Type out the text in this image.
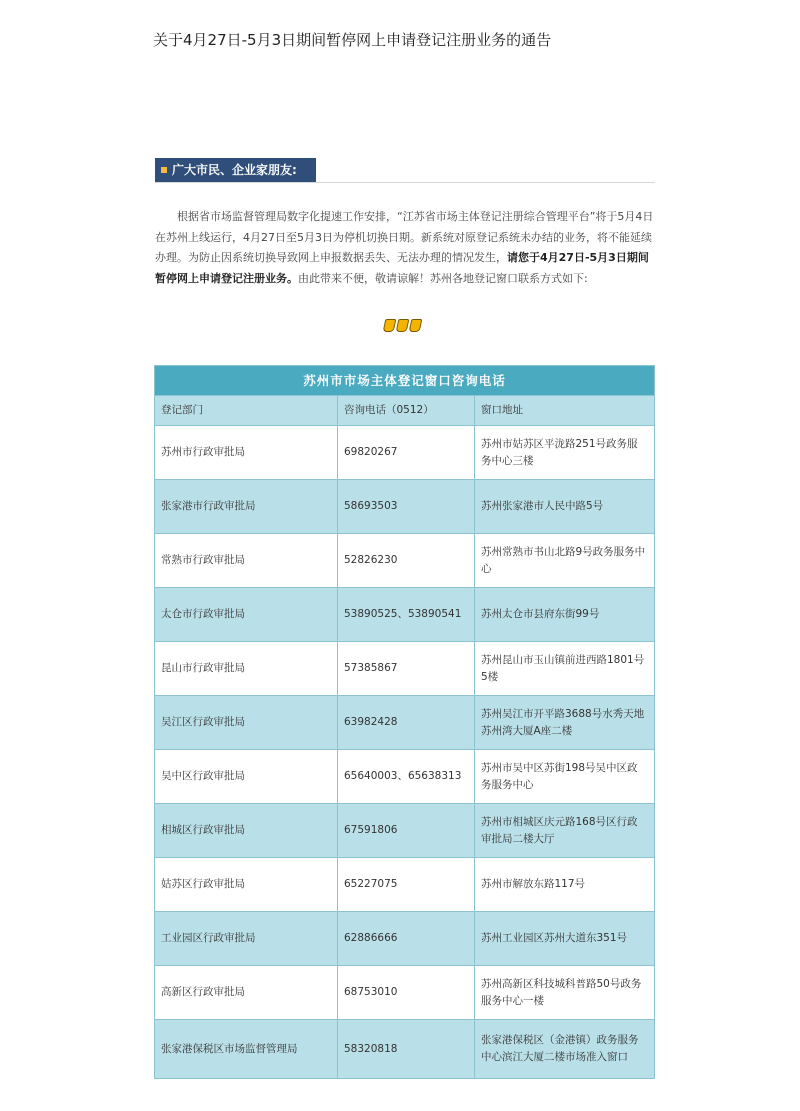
关于4月27日-5月3日期间暂停网上申请登记注册业务的通告
广大市民、企业家朋友:
根据省市场监督管理局数字化提速工作安排，“江苏省市场主体登记注册综合管理平台”将于5月4日在苏州上线运行，4月27日至5月3日为停机切换日期。新系统对原登记系统未办结的业务，将不能延续办理。为防止因系统切换导致网上申报数据丢失、无法办理的情况发生，请您于4月27日-5月3日期间暂停网上申请登记注册业务。由此带来不便，敬请谅解！苏州各地登记窗口联系方式如下:
苏州市市场主体登记窗口咨询电话		
登记部门	咨询电话（0512）	窗口地址
苏州市行政审批局	69820267	苏州市姑苏区平泷路251号政务服务中心三楼
张家港市行政审批局	58693503	苏州张家港市人民中路5号
常熟市行政审批局	52826230	苏州常熟市书山北路9号政务服务中心
太仓市行政审批局	53890525、53890541	苏州太仓市县府东街99号
昆山市行政审批局	57385867	苏州昆山市玉山镇前进西路1801号5楼
吴江区行政审批局	63982428	苏州吴江市开平路3688号水秀天地苏州湾大厦A座二楼
吴中区行政审批局	65640003、65638313	苏州市吴中区苏街198号吴中区政务服务中心
相城区行政审批局	67591806	苏州市相城区庆元路168号区行政审批局二楼大厅
姑苏区行政审批局	65227075	苏州市解放东路117号
工业园区行政审批局	62886666	苏州工业园区苏州大道东351号
高新区行政审批局	68753010	苏州高新区科技城科普路50号政务服务中心一楼
张家港保税区市场监督管理局	58320818	张家港保税区（金港镇）政务服务中心滨江大厦二楼市场准入窗口
